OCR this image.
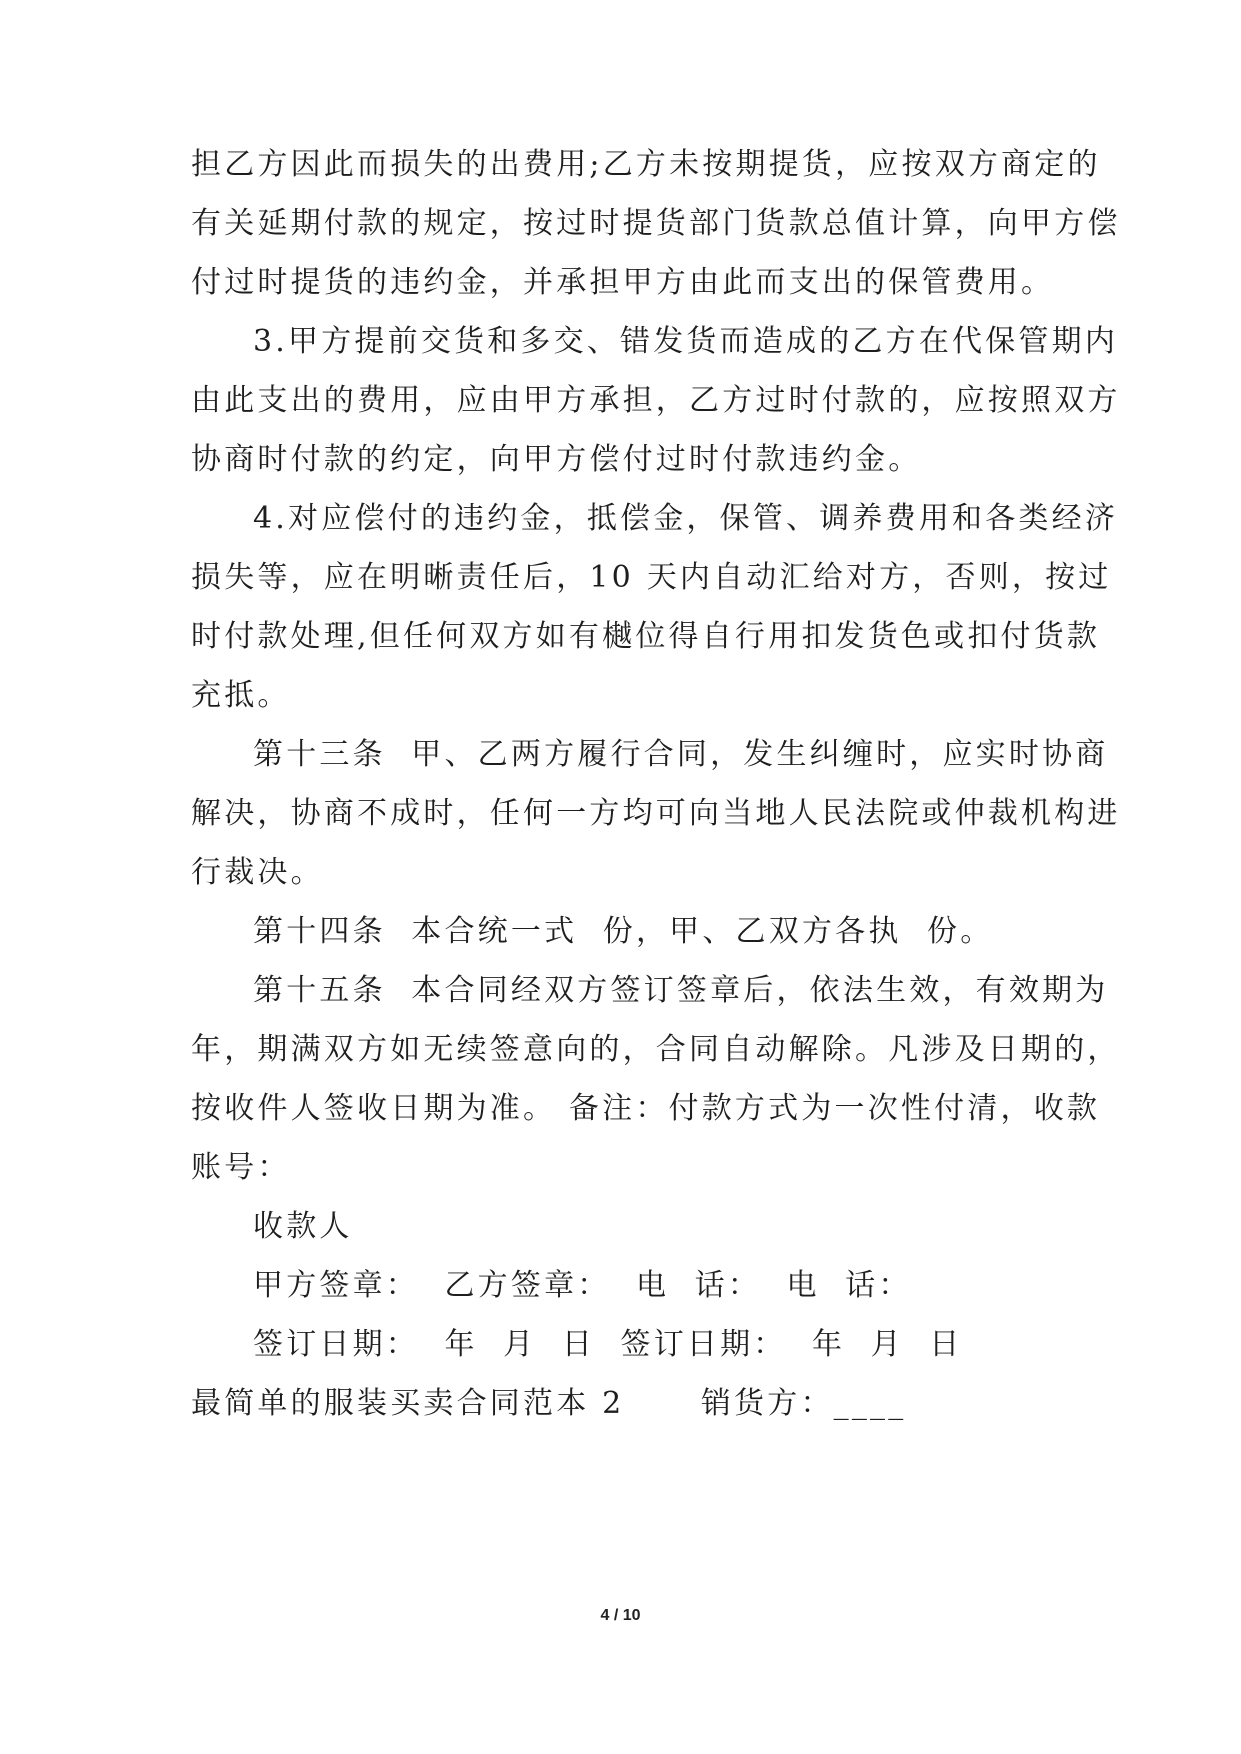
担乙方因此而损失的出费用;乙方未按期提货，应按双方商定的
有关延期付款的规定，按过时提货部门货款总值计算，向甲方偿
付过时提货的违约金，并承担甲方由此而支出的保管费用。
3.甲方提前交货和多交、错发货而造成的乙方在代保管期内
由此支出的费用，应由甲方承担，乙方过时付款的，应按照双方
协商时付款的约定，向甲方偿付过时付款违约金。
4.对应偿付的违约金，抵偿金，保管、调养费用和各类经济
损失等，应在明晰责任后，10 天内自动汇给对方，否则，按过
时付款处理,但任何双方如有樾位得自行用扣发货色或扣付货款
充抵。
第十三条  甲、乙两方履行合同，发生纠缠时，应实时协商
解决，协商不成时，任何一方均可向当地人民法院或仲裁机构进
行裁决。
第十四条  本合统一式  份，甲、乙双方各执  份。
第十五条  本合同经双方签订签章后，依法生效，有效期为
年，期满双方如无续签意向的，合同自动解除。凡涉及日期的，
按收件人签收日期为准。 备注：付款方式为一次性付清，收款
账号：
收款人
甲方签章：  乙方签章：  电  话：  电  话：
签订日期：  年  月  日  签订日期：  年  月  日
最简单的服装买卖合同范本 2      销货方：____
4 / 10
